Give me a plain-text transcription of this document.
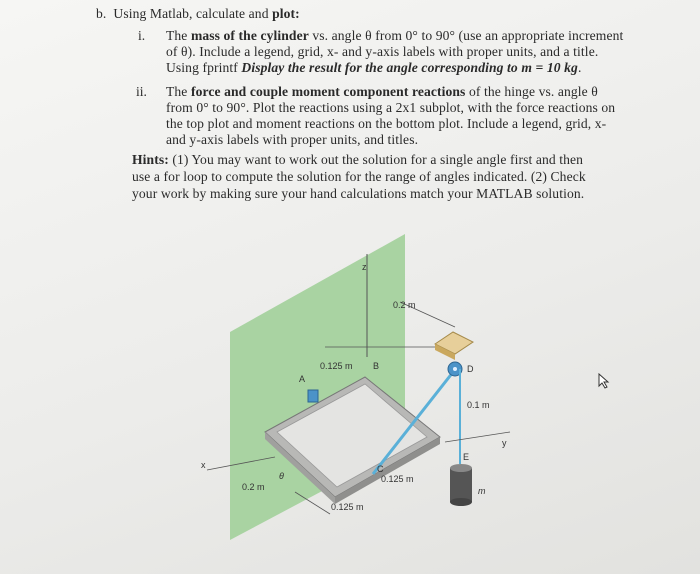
b. Using Matlab, calculate and plot:
i. The mass of the cylinder vs. angle θ from 0° to 90° (use an appropriate increment
of θ). Include a legend, grid, x- and y-axis labels with proper units, and a title.
Using fprintf Display the result for the angle corresponding to m = 10 kg.
ii. The force and couple moment component reactions of the hinge vs. angle θ
from 0° to 90°. Plot the reactions using a 2x1 subplot, with the force reactions on
the top plot and moment reactions on the bottom plot. Include a legend, grid, x-
and y-axis labels with proper units, and titles.
Hints: (1) You may want to work out the solution for a single angle first and then
use a for loop to compute the solution for the range of angles indicated. (2) Check
your work by making sure your hand calculations match your MATLAB solution.
z
0.2 m
A
0.125 m B
C
D
0.1 m
E
m
y
x
0.125 m
0.125 m
0.2 m
θ
